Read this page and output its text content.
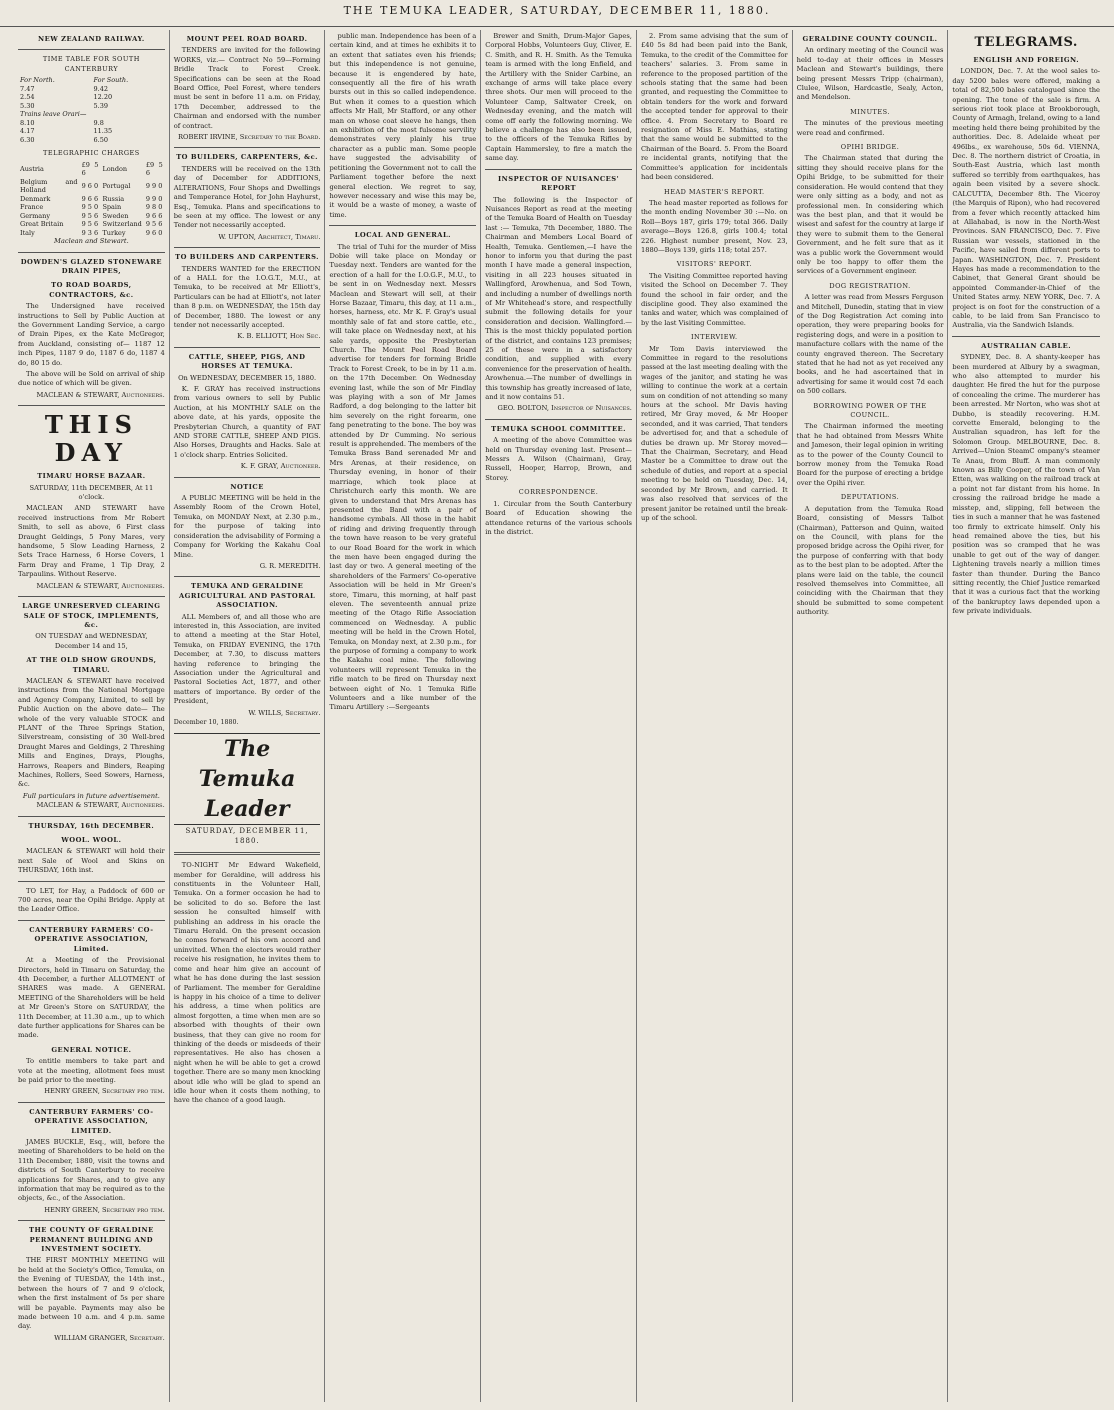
THE TEMUKA LEADER, SATURDAY, DECEMBER 11, 1880.
NEW ZEALAND RAILWAY.
TIME TABLE FOR SOUTH CANTERBURY
For North.	For South.
7.47	9.42
2.54	12.20
5.30	5.39
Trains leave Orari—	
8.10	9.8
4.17	11.35
6.30	6.50
TELEGRAPHIC CHARGES
Austria	£9 5 6	London	£9 5 6
Belgium and Holland	9 6 0	Portugal	9 9 0
Denmark	9 6 6	Russia	9 9 0
France	9 5 0	Spain	9 8 0
Germany	9 5 6	Sweden	9 6 6
Great Britain	9 5 6	Switzerland	9 5 6
Italy	9 3 6	Turkey	9 6 0
Maclean and Stewart.
DOWDEN'S GLAZED STONEWARE DRAIN PIPES,
TO ROAD BOARDS, CONTRACTORS, &c.
The Undersigned have received instructions to Sell by Public Auction at the Government Landing Service, a cargo of Drain Pipes, ex the Kate McGregor, from Auckland, consisting of— 1187 12 inch Pipes, 1187 9 do, 1187 6 do, 1187 4 do, 80 15 do.
The above will be Sold on arrival of ship due notice of which will be given.
MACLEAN & STEWART, Auctioneers.
THIS DAY
TIMARU HORSE BAZAAR.
SATURDAY, 11th DECEMBER, At 11 o'clock.
MACLEAN AND STEWART have received instructions from Mr Robert Smith, to sell as above, 6 First class Draught Geldings, 5 Pony Mares, very handsome, 5 Slow Leading Harness, 2 Sets Trace Harness, 6 Horse Covers, 1 Farm Dray and Frame, 1 Tip Dray, 2 Tarpaulins. Without Reserve.
MACLEAN & STEWART, Auctioneers.
LARGE UNRESERVED CLEARING SALE OF STOCK, IMPLEMENTS, &c.
ON TUESDAY and WEDNESDAY, December 14 and 15,
AT THE OLD SHOW GROUNDS, TIMARU.
MACLEAN & STEWART have received instructions from the National Mortgage and Agency Company, Limited, to sell by Public Auction on the above date— The whole of the very valuable STOCK and PLANT of the Three Springs Station, Silverstream, consisting of 30 Well-bred Draught Mares and Geldings, 2 Threshing Mills and Engines, Drays, Ploughs, Harrows, Reapers and Binders, Reaping Machines, Rollers, Seed Sowers, Harness, &c.
Full particulars in future advertisement.
MACLEAN & STEWART, Auctioneers.
THURSDAY, 16th DECEMBER.
WOOL. WOOL.
MACLEAN & STEWART will hold their next Sale of Wool and Skins on THURSDAY, 16th inst.
TO LET, for Hay, a Paddock of 600 or 700 acres, near the Opihi Bridge. Apply at the Leader Office.
CANTERBURY FARMERS' CO-OPERATIVE ASSOCIATION, Limited.
At a Meeting of the Provisional Directors, held in Timaru on Saturday, the 4th December, a further ALLOTMENT of SHARES was made. A GENERAL MEETING of the Shareholders will be held at Mr Green's Store on SATURDAY, the 11th December, at 11.30 a.m., up to which date further applications for Shares can be made.
GENERAL NOTICE.
To entitle members to take part and vote at the meeting, allotment fees must be paid prior to the meeting.
HENRY GREEN, Secretary pro tem.
CANTERBURY FARMERS' CO-OPERATIVE ASSOCIATION, LIMITED.
JAMES BUCKLE, Esq., will, before the meeting of Shareholders to be held on the 11th December, 1880, visit the towns and districts of South Canterbury to receive applications for Shares, and to give any information that may be required as to the objects, &c., of the Association.
HENRY GREEN, Secretary pro tem.
THE COUNTY OF GERALDINE PERMANENT BUILDING AND INVESTMENT SOCIETY.
THE FIRST MONTHLY MEETING will be held at the Society's Office, Temuka, on the Evening of TUESDAY, the 14th inst., between the hours of 7 and 9 o'clock, when the first instalment of 5s per share will be payable. Payments may also be made between 10 a.m. and 4 p.m. same day.
WILLIAM GRANGER, Secretary.
MOUNT PEEL ROAD BOARD.
TENDERS are invited for the following WORKS, viz.— Contract No 59—Forming Bridle Track to Forest Creek. Specifications can be seen at the Road Board Office, Peel Forest, where tenders must be sent in before 11 a.m. on Friday, 17th December, addressed to the Chairman and endorsed with the number of contract.
ROBERT IRVINE, Secretary to the Board.
TO BUILDERS, CARPENTERS, &c.
TENDERS will be received on the 13th day of December for ADDITIONS, ALTERATIONS, Four Shops and Dwellings and Temperance Hotel, for John Hayhurst, Esq., Temuka. Plans and specifications to be seen at my office. The lowest or any Tender not necessarily accepted.
W. UPTON, Architect, Timaru.
TO BUILDERS AND CARPENTERS.
TENDERS WANTED for the ERECTION of a HALL for the I.O.G.T., M.U., at Temuka, to be received at Mr Elliott's, Particulars can be had at Elliott's, not later than 8 p.m. on WEDNESDAY, the 15th day of December, 1880. The lowest or any tender not necessarily accepted.
K. B. ELLIOTT, Hon Sec.
CATTLE, SHEEP, PIGS, AND HORSES AT TEMUKA.
On WEDNESDAY, DECEMBER 15, 1880.
K. F. GRAY has received instructions from various owners to sell by Public Auction, at his MONTHLY SALE on the above date, at his yards, opposite the Presbyterian Church, a quantity of FAT AND STORE CATTLE, SHEEP AND PIGS. Also Horses, Draughts and Hacks. Sale at 1 o'clock sharp. Entries Solicited.
K. F. GRAY, Auctioneer.
NOTICE
A PUBLIC MEETING will be held in the Assembly Room of the Crown Hotel, Temuka, on MONDAY Next, at 2.30 p.m., for the purpose of taking into consideration the advisability of Forming a Company for Working the Kakahu Coal Mine.
G. R. MEREDITH.
TEMUKA AND GERALDINE AGRICULTURAL AND PASTORAL ASSOCIATION.
ALL Members of, and all those who are interested in, this Association, are invited to attend a meeting at the Star Hotel, Temuka, on FRIDAY EVENING, the 17th December, at 7.30, to discuss matters having reference to bringing the Association under the Agricultural and Pastoral Societies Act, 1877, and other matters of importance. By order of the President,
W. WILLS, Secretary.
December 10, 1880.
The Temuka Leader
SATURDAY, DECEMBER 11, 1880.
TO-NIGHT Mr Edward Wakefield, member for Geraldine, will address his constituents in the Volunteer Hall, Temuka. On a former occasion he had to be solicited to do so. Before the last session he consulted himself with publishing an address in his oracle the Timaru Herald. On the present occasion he comes forward of his own accord and uninvited. When the electors would rather receive his resignation, he invites them to come and hear him give an account of what he has done during the last session of Parliament. The member for Geraldine is happy in his choice of a time to deliver his address, a time when politics are almost forgotten, a time when men are so absorbed with thoughts of their own business, that they can give no room for thinking of the deeds or misdeeds of their representatives. He also has chosen a night when he will be able to get a crowd together. There are so many men knocking about idle who will be glad to spend an idle hour when it costs them nothing, to have the chance of a good laugh.
public man. Independence has been of a certain kind, and at times he exhibits it to an extent that satiates even his friends; but this independence is not genuine, because it is engendered by hate, consequently all the fire of his wrath bursts out in this so called independence. But when it comes to a question which affects Mr Hall, Mr Stafford, or any other man on whose coat sleeve he hangs, then an exhibition of the most fulsome servility demonstrates very plainly his true character as a public man. Some people have suggested the advisability of petitioning the Government not to call the Parliament together before the next general election. We regret to say, however necessary and wise this may be, it would be a waste of money, a waste of time.
LOCAL AND GENERAL.
The trial of Tuhi for the murder of Miss Dobie will take place on Monday or Tuesday next. Tenders are wanted for the erection of a hall for the I.O.G.F., M.U., to be sent in on Wednesday next. Messrs Maclean and Stewart will sell, at their Horse Bazaar, Timaru, this day, at 11 a.m., horses, harness, etc. Mr K. F. Gray's usual monthly sale of fat and store cattle, etc., will take place on Wednesday next, at his sale yards, opposite the Presbyterian Church. The Mount Peel Road Board advertise for tenders for forming Bridle Track to Forest Creek, to be in by 11 a.m. on the 17th December. On Wednesday evening last, while the son of Mr Findlay was playing with a son of Mr James Radford, a dog belonging to the latter bit him severely on the right forearm, one fang penetrating to the bone. The boy was attended by Dr Cumming. No serious result is apprehended. The members of the Temuka Brass Band serenaded Mr and Mrs Arenas, at their residence, on Thursday evening, in honor of their marriage, which took place at Christchurch early this month. We are given to understand that Mrs Arenas has presented the Band with a pair of handsome cymbals. All those in the habit of riding and driving frequently through the town have reason to be very grateful to our Road Board for the work in which the men have been engaged during the last day or two. A general meeting of the shareholders of the Farmers' Co-operative Association will be held in Mr Green's store, Timaru, this morning, at half past eleven. The seventeenth annual prize meeting of the Otago Rifle Association commenced on Wednesday. A public meeting will be held in the Crown Hotel, Temuka, on Monday next, at 2.30 p.m., for the purpose of forming a company to work the Kakahu coal mine. The following volunteers will represent Temuka in the rifle match to be fired on Thursday next between eight of No. 1 Temuka Rifle Volunteers and a like number of the Timaru Artillery :—Sergeants
Brewer and Smith, Drum-Major Gapes, Corporal Hobbs, Volunteers Guy, Cliver, E. C. Smith, and R. H. Smith. As the Temuka team is armed with the long Enfield, and the Artillery with the Snider Carbine, an exchange of arms will take place every three shots. Our men will proceed to the Volunteer Camp, Saltwater Creek, on Wednesday evening, and the match will come off early the following morning. We believe a challenge has also been issued, to the officers of the Temuka Rifles by Captain Hammersley, to fire a match the same day.
INSPECTOR OF NUISANCES' REPORT
The following is the Inspector of Nuisances Report as read at the meeting of the Temuka Board of Health on Tuesday last :— Temuka, 7th December, 1880. The Chairman and Members Local Board of Health, Temuka. Gentlemen,—I have the honor to inform you that during the past month I have made a general inspection, visiting in all 223 houses situated in Wallingford, Arowhenua, and Sod Town, and including a number of dwellings north of Mr Whitehead's store, and respectfully submit the following details for your consideration and decision. Wallingford.—This is the most thickly populated portion of the district, and contains 123 premises; 25 of these were in a satisfactory condition, and supplied with every convenience for the preservation of health. Arowhenua.—The number of dwellings in this township has greatly increased of late, and it now contains 51.
GEO. BOLTON, Inspector of Nuisances.
TEMUKA SCHOOL COMMITTEE.
A meeting of the above Committee was held on Thursday evening last. Present—Messrs A. Wilson (Chairman), Gray, Russell, Hooper, Harrop, Brown, and Storey.
CORRESPONDENCE.
1. Circular from the South Canterbury Board of Education showing the attendance returns of the various schools in the district.
2. From same advising that the sum of £40 5s 8d had been paid into the Bank, Temuka, to the credit of the Committee for teachers' salaries. 3. From same in reference to the proposed partition of the schools stating that the same had been granted, and requesting the Committee to obtain tenders for the work and forward the accepted tender for approval to their office. 4. From Secretary to Board re resignation of Miss E. Mathias, stating that the same would be submitted to the Chairman of the Board. 5. From the Board re incidental grants, notifying that the Committee's application for incidentals had been considered.
HEAD MASTER'S REPORT.
The head master reported as follows for the month ending November 30 :—No. on Roll—Boys 187, girls 179; total 366. Daily average—Boys 126.8, girls 100.4; total 226. Highest number present, Nov. 23, 1880—Boys 139, girls 118; total 257.
VISITORS' REPORT.
The Visiting Committee reported having visited the School on December 7. They found the school in fair order, and the discipline good. They also examined the tanks and water, which was complained of by the last Visiting Committee.
INTERVIEW.
Mr Tom Davis interviewed the Committee in regard to the resolutions passed at the last meeting dealing with the wages of the janitor, and stating he was willing to continue the work at a certain sum on condition of not attending so many hours at the school. Mr Davis having retired, Mr Gray moved, & Mr Hooper seconded, and it was carried, That tenders be advertised for, and that a schedule of duties be drawn up. Mr Storey moved—That the Chairman, Secretary, and Head Master be a Committee to draw out the schedule of duties, and report at a special meeting to be held on Tuesday, Dec. 14, seconded by Mr Brown, and carried. It was also resolved that services of the present janitor be retained until the break-up of the school.
GERALDINE COUNTY COUNCIL.
An ordinary meeting of the Council was held to-day at their offices in Messrs Maclean and Stewart's buildings, there being present Messrs Tripp (chairman), Clulee, Wilson, Hardcastle, Sealy, Acton, and Mendelson.
MINUTES.
The minutes of the previous meeting were read and confirmed.
OPIHI BRIDGE.
The Chairman stated that during the sitting they should receive plans for the Opihi Bridge, to be submitted for their consideration. He would contend that they were only sitting as a body, and not as professional men. In considering which was the best plan, and that it would be wisest and safest for the country at large if they were to submit them to the General Government, and he felt sure that as it was a public work the Government would only be too happy to offer them the services of a Government engineer.
DOG REGISTRATION.
A letter was read from Messrs Ferguson and Mitchell, Dunedin, stating that in view of the Dog Registration Act coming into operation, they were preparing books for registering dogs, and were in a position to manufacture collars with the name of the county engraved thereon. The Secretary stated that he had not as yet received any books, and he had ascertained that in advertising for same it would cost 7d each on 500 collars.
BORROWING POWER OF THE COUNCIL.
The Chairman informed the meeting that he had obtained from Messrs White and Jameson, their legal opinion in writing as to the power of the County Council to borrow money from the Temuka Road Board for the purpose of erecting a bridge over the Opihi river.
DEPUTATIONS.
A deputation from the Temuka Road Board, consisting of Messrs Talbot (Chairman), Patterson and Quinn, waited on the Council, with plans for the proposed bridge across the Opihi river, for the purpose of conferring with that body as to the best plan to be adopted. After the plans were laid on the table, the council resolved themselves into Committee, all coinciding with the Chairman that they should be submitted to some competent authority.
TELEGRAMS.
ENGLISH AND FOREIGN.
LONDON, Dec. 7. At the wool sales to-day 5200 bales were offered, making a total of 82,500 bales catalogued since the opening. The tone of the sale is firm. A serious riot took place at Brookborough, County of Armagh, Ireland, owing to a land meeting held there being prohibited by the authorities. Dec. 8. Adelaide wheat per 496lbs., ex warehouse, 50s 6d. VIENNA, Dec. 8. The northern district of Croatia, in South-East Austria, which last month suffered so terribly from earthquakes, has again been visited by a severe shock. CALCUTTA, December 8th. The Viceroy (the Marquis of Ripon), who had recovered from a fever which recently attacked him at Allahabad, is now in the North-West Provinces. SAN FRANCISCO, Dec. 7. Five Russian war vessels, stationed in the Pacific, have sailed from different ports to Japan. WASHINGTON, Dec. 7. President Hayes has made a recommendation to the Cabinet, that General Grant should be appointed Commander-in-Chief of the United States army. NEW YORK, Dec. 7. A project is on foot for the construction of a cable, to be laid from San Francisco to Australia, via the Sandwich Islands.
AUSTRALIAN CABLE.
SYDNEY, Dec. 8. A shanty-keeper has been murdered at Albury by a swagman, who also attempted to murder his daughter. He fired the hut for the purpose of concealing the crime. The murderer has been arrested. Mr Norton, who was shot at Dubbo, is steadily recovering. H.M. corvette Emerald, belonging to the Australian squadron, has left for the Solomon Group. MELBOURNE, Dec. 8. Arrived—Union SteamC ompany's steamer Te Anau, from Bluff. A man commonly known as Billy Cooper, of the town of Van Etten, was walking on the railroad track at a point not far distant from his home. In crossing the railroad bridge he made a misstep, and, slipping, fell between the ties in such a manner that he was fastened too firmly to extricate himself. Only his head remained above the ties, but his position was so cramped that he was unable to get out of the way of danger. Lightening travels nearly a million times faster than thunder. During the Banco sitting recently, the Chief Justice remarked that it was a curious fact that the working of the bankruptcy laws depended upon a few private individuals.
